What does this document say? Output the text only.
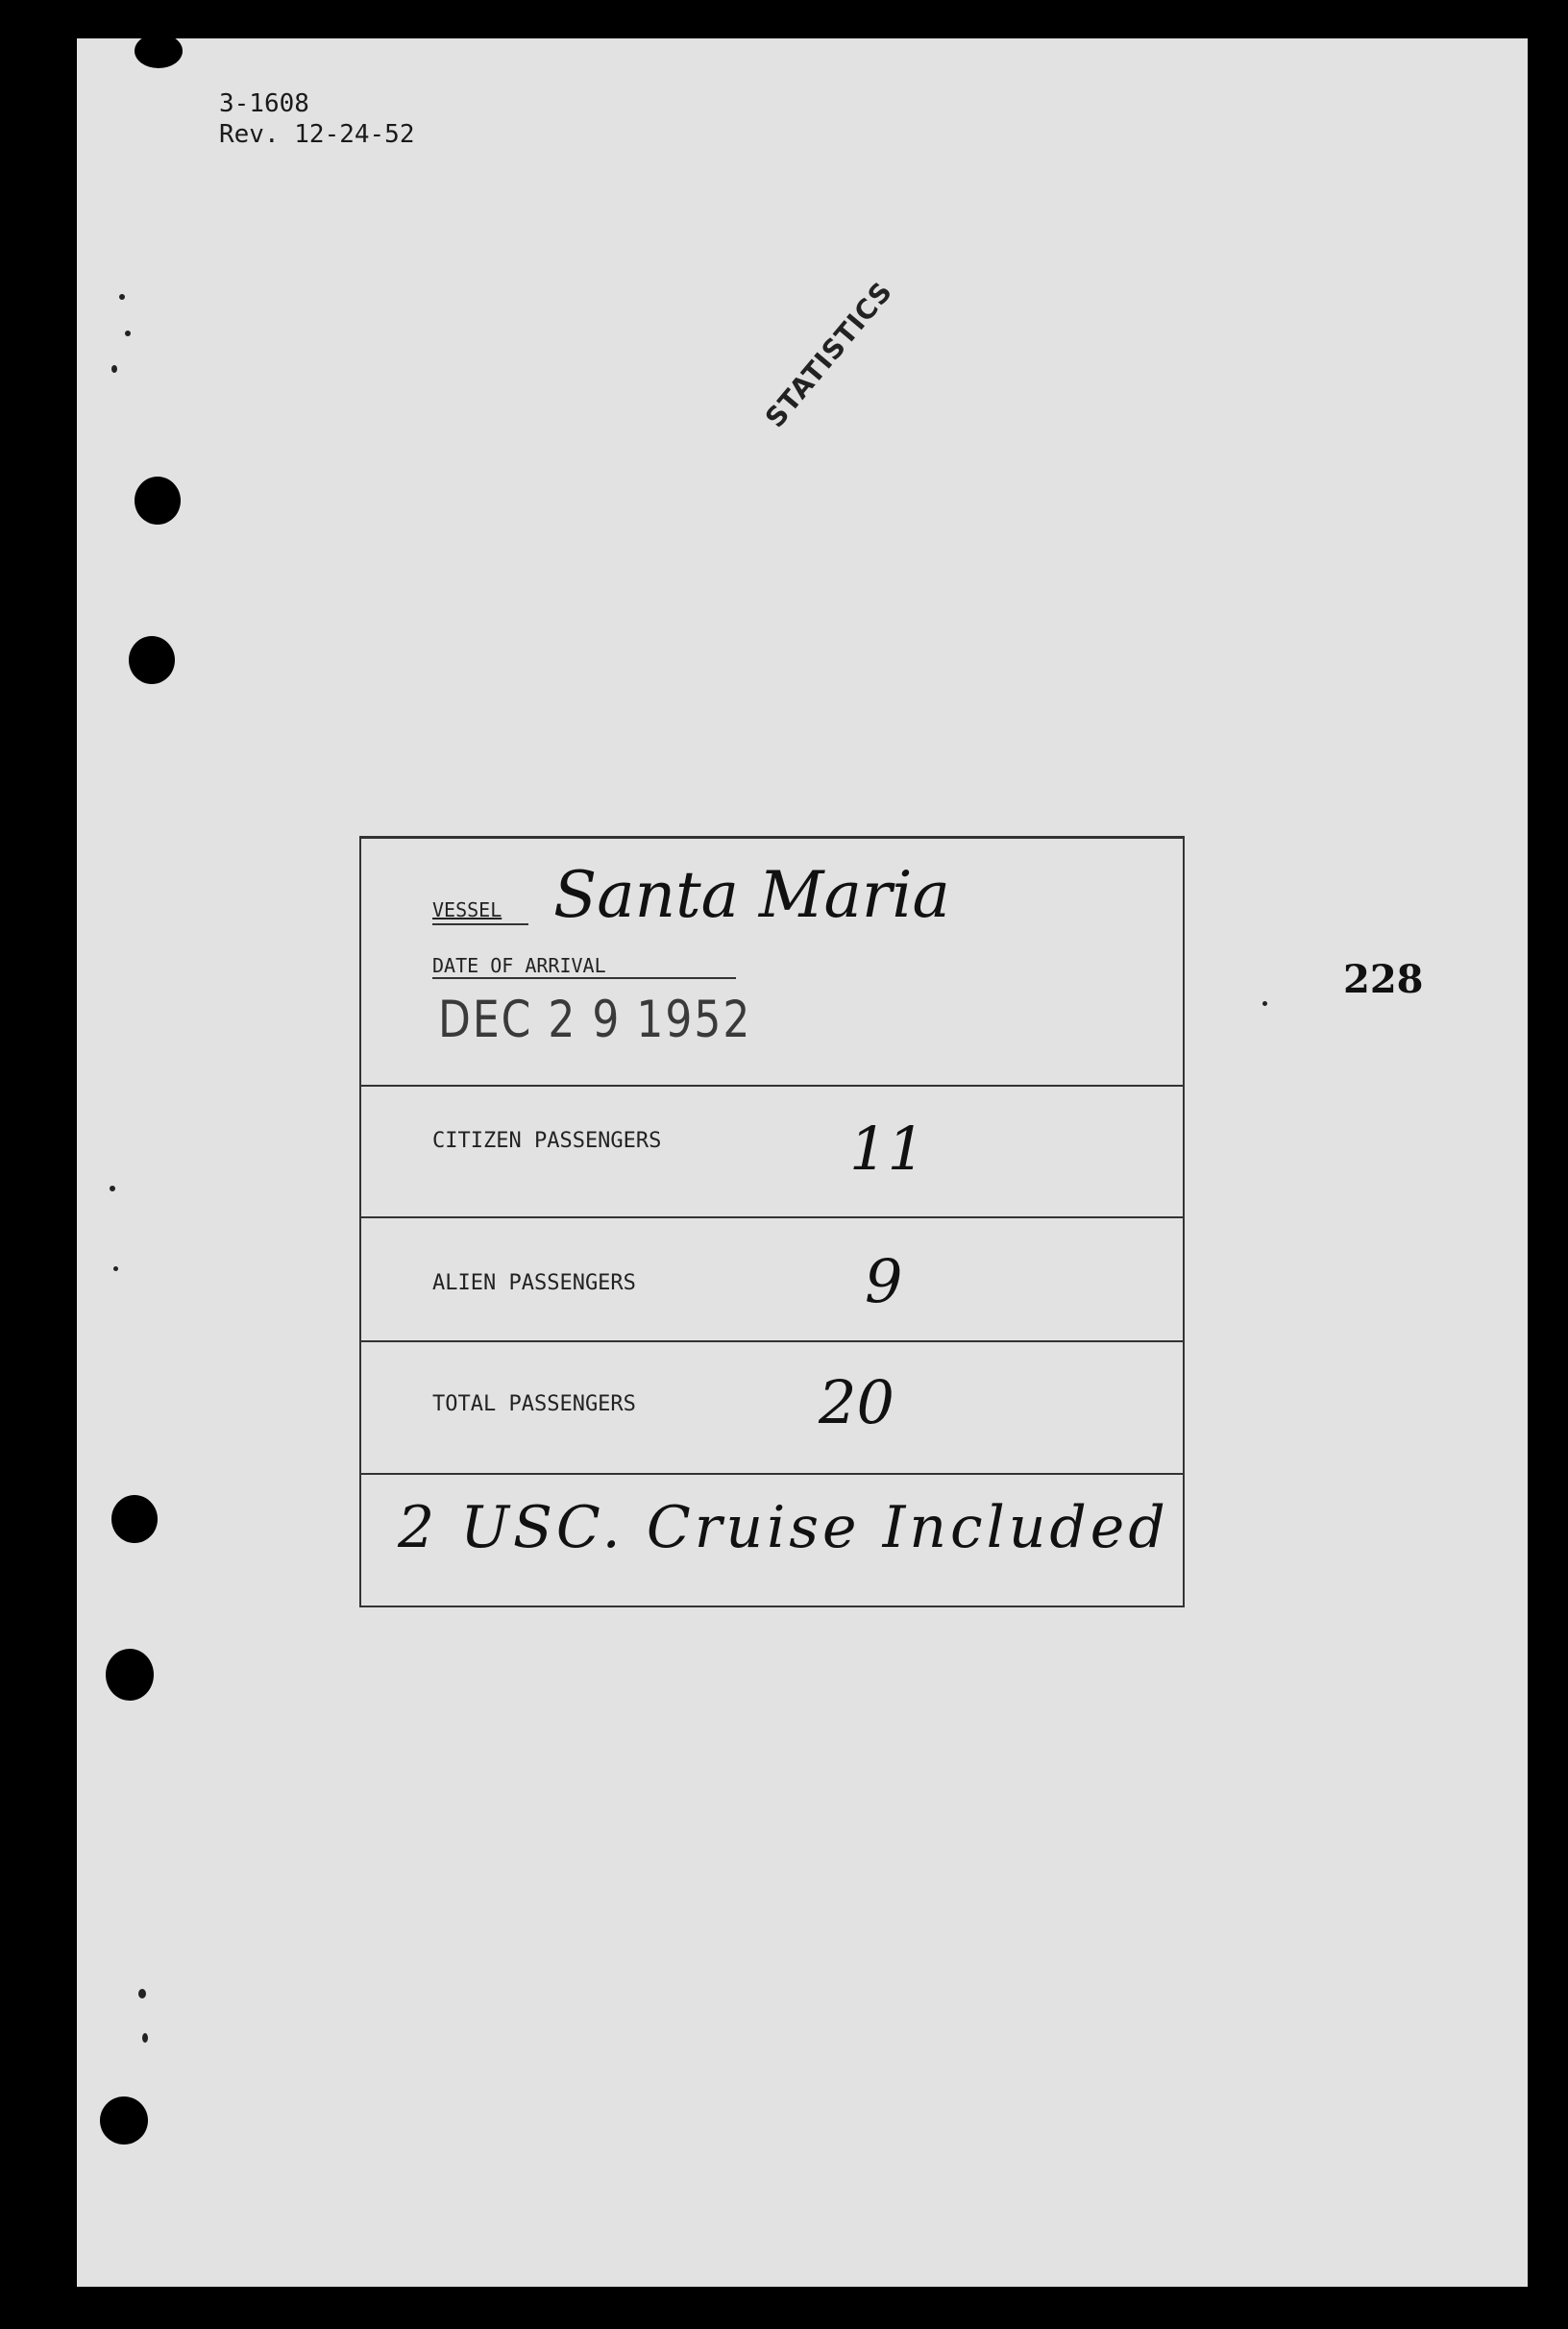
3-1608
Rev. 12-24-52
STATISTICS
228
VESSEL Santa Maria
DATE OF ARRIVAL
DEC 2 9 1952
CITIZEN PASSENGERS	11
ALIEN PASSENGERS	9
TOTAL PASSENGERS	20
2 USC. Cruise Included
